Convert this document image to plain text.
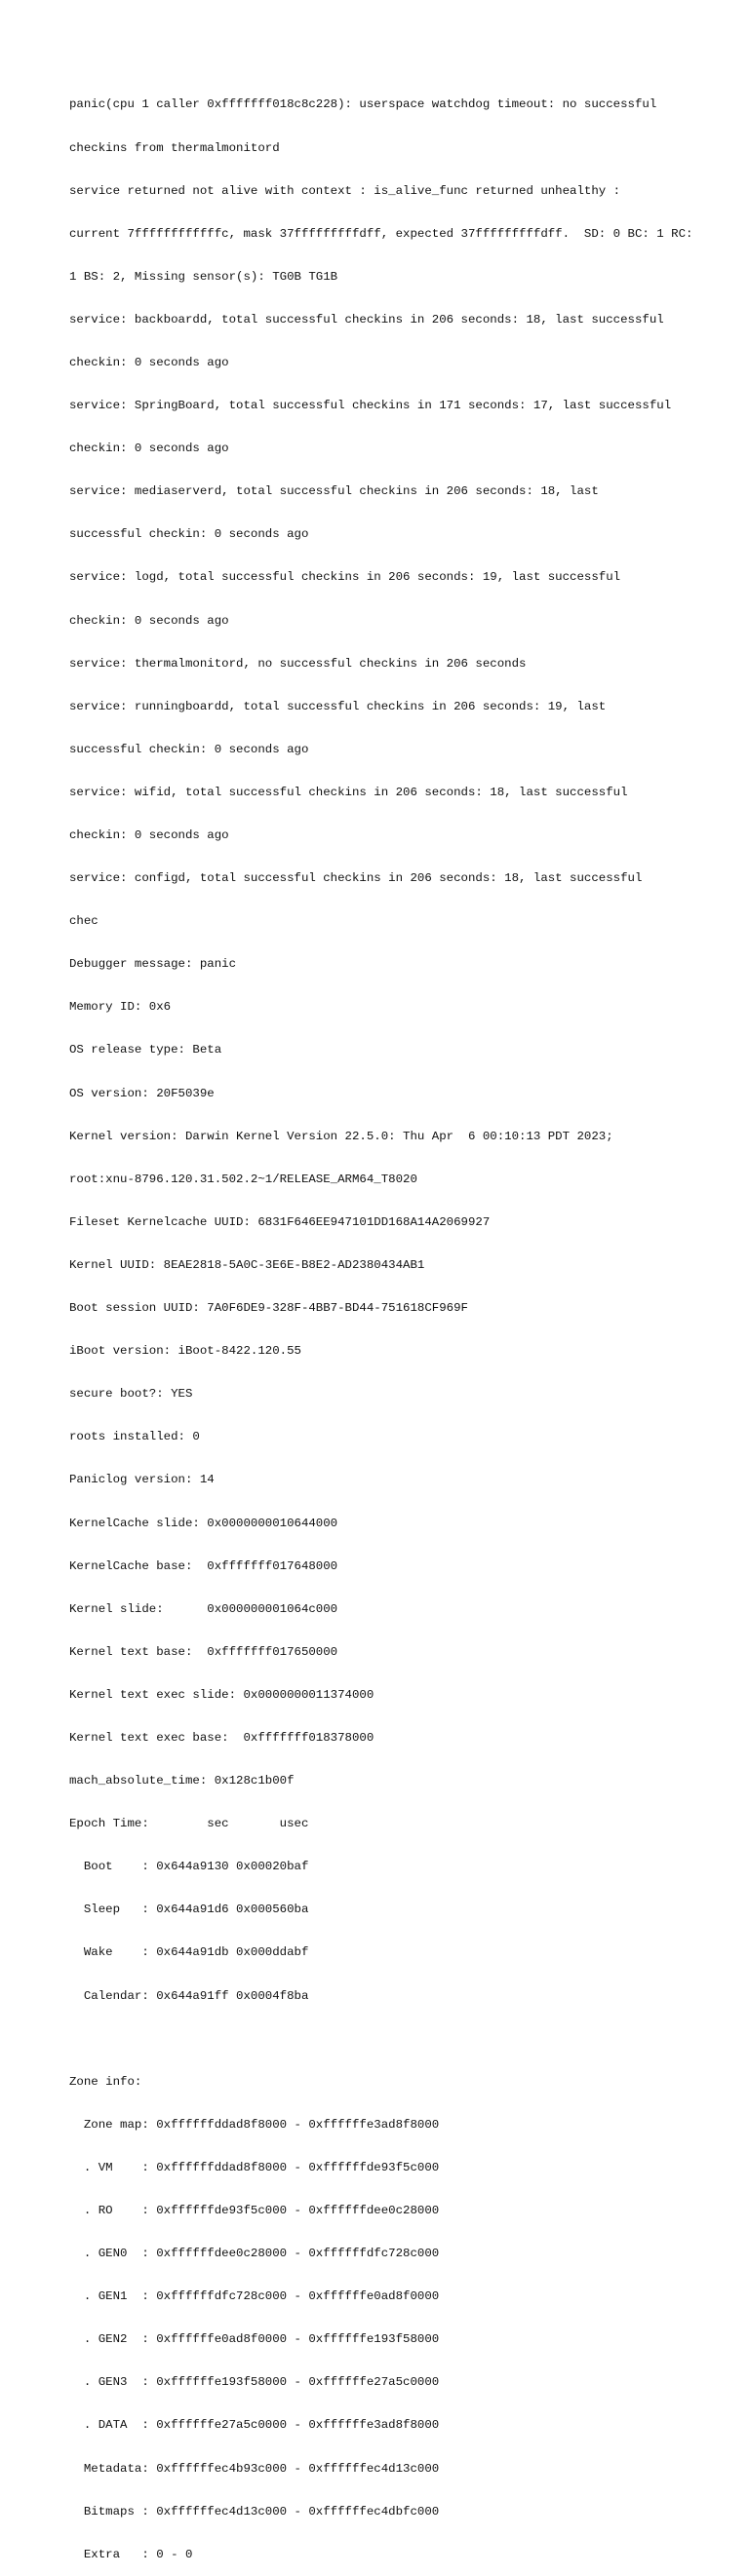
panic(cpu 1 caller 0xfffffff018c8c228): userspace watchdog timeout: no successful

checkins from thermalmonitord

service returned not alive with context : is_alive_func returned unhealthy :

current 7ffffffffffffc, mask 37fffffffffdff, expected 37fffffffffdff.  SD: 0 BC: 1 RC:

1 BS: 2, Missing sensor(s): TG0B TG1B

service: backboardd, total successful checkins in 206 seconds: 18, last successful

checkin: 0 seconds ago

service: SpringBoard, total successful checkins in 171 seconds: 17, last successful

checkin: 0 seconds ago

service: mediaserverd, total successful checkins in 206 seconds: 18, last

successful checkin: 0 seconds ago

service: logd, total successful checkins in 206 seconds: 19, last successful

checkin: 0 seconds ago

service: thermalmonitord, no successful checkins in 206 seconds

service: runningboardd, total successful checkins in 206 seconds: 19, last

successful checkin: 0 seconds ago

service: wifid, total successful checkins in 206 seconds: 18, last successful

checkin: 0 seconds ago

service: configd, total successful checkins in 206 seconds: 18, last successful

chec

Debugger message: panic

Memory ID: 0x6

OS release type: Beta

OS version: 20F5039e

Kernel version: Darwin Kernel Version 22.5.0: Thu Apr  6 00:10:13 PDT 2023;

root:xnu-8796.120.31.502.2~1/RELEASE_ARM64_T8020

Fileset Kernelcache UUID: 6831F646EE947101DD168A14A2069927

Kernel UUID: 8EAE2818-5A0C-3E6E-B8E2-AD2380434AB1

Boot session UUID: 7A0F6DE9-328F-4BB7-BD44-751618CF969F

iBoot version: iBoot-8422.120.55

secure boot?: YES

roots installed: 0

Paniclog version: 14

KernelCache slide: 0x0000000010644000

KernelCache base:  0xfffffff017648000

Kernel slide:      0x000000001064c000

Kernel text base:  0xfffffff017650000

Kernel text exec slide: 0x0000000011374000

Kernel text exec base:  0xfffffff018378000

mach_absolute_time: 0x128c1b00f

Epoch Time:        sec       usec

Boot    : 0x644a9130 0x00020baf

Sleep   : 0x644a91d6 0x000560ba

Wake    : 0x644a91db 0x000ddabf

Calendar: 0x644a91ff 0x0004f8ba

Zone info:

Zone map: 0xffffffddad8f8000 - 0xffffffe3ad8f8000

. VM    : 0xffffffddad8f8000 - 0xffffffde93f5c000

. RO    : 0xffffffde93f5c000 - 0xffffffdee0c28000

. GEN0  : 0xffffffdee0c28000 - 0xffffffdfc728c000

. GEN1  : 0xffffffdfc728c000 - 0xffffffe0ad8f0000

. GEN2  : 0xffffffe0ad8f0000 - 0xffffffe193f58000

. GEN3  : 0xffffffe193f58000 - 0xffffffe27a5c0000

. DATA  : 0xffffffe27a5c0000 - 0xffffffe3ad8f8000

Metadata: 0xffffffec4b93c000 - 0xffffffec4d13c000

Bitmaps : 0xffffffec4d13c000 - 0xffffffec4dbfc000

Extra   : 0 - 0
